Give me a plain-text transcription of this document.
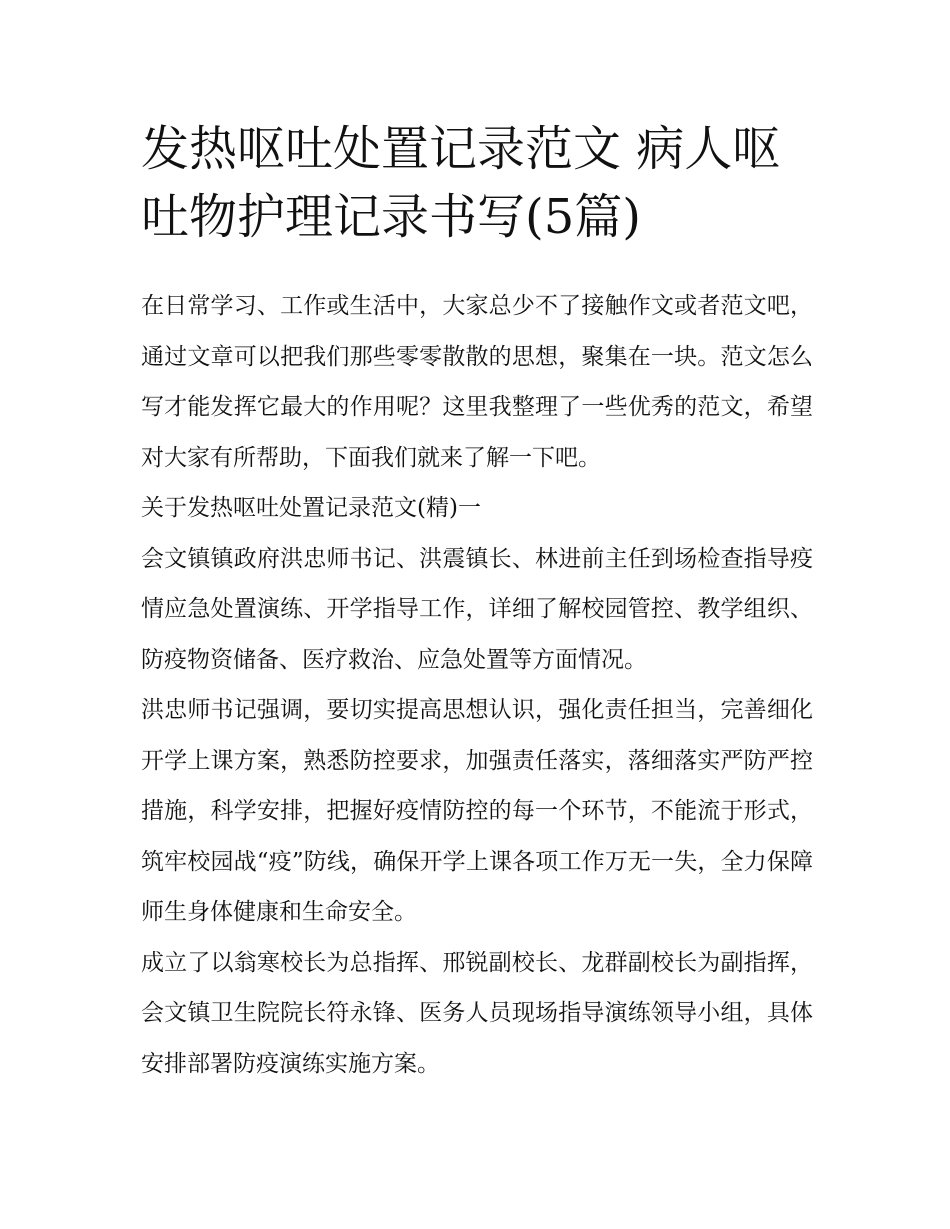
发热呕吐处置记录范文 病人呕吐物护理记录书写(5篇)

在日常学习、工作或生活中，大家总少不了接触作文或者范文吧，通过文章可以把我们那些零零散散的思想，聚集在一块。范文怎么写才能发挥它最大的作用呢？这里我整理了一些优秀的范文，希望对大家有所帮助，下面我们就来了解一下吧。

关于发热呕吐处置记录范文(精)一

会文镇镇政府洪忠师书记、洪震镇长、林进前主任到场检查指导疫情应急处置演练、开学指导工作，详细了解校园管控、教学组织、防疫物资储备、医疗救治、应急处置等方面情况。

洪忠师书记强调，要切实提高思想认识，强化责任担当，完善细化开学上课方案，熟悉防控要求，加强责任落实，落细落实严防严控措施，科学安排，把握好疫情防控的每一个环节，不能流于形式，筑牢校园战“疫”防线，确保开学上课各项工作万无一失，全力保障师生身体健康和生命安全。

成立了以翁寒校长为总指挥、邢锐副校长、龙群副校长为副指挥，会文镇卫生院院长符永锋、医务人员现场指导演练领导小组，具体安排部署防疫演练实施方案。
